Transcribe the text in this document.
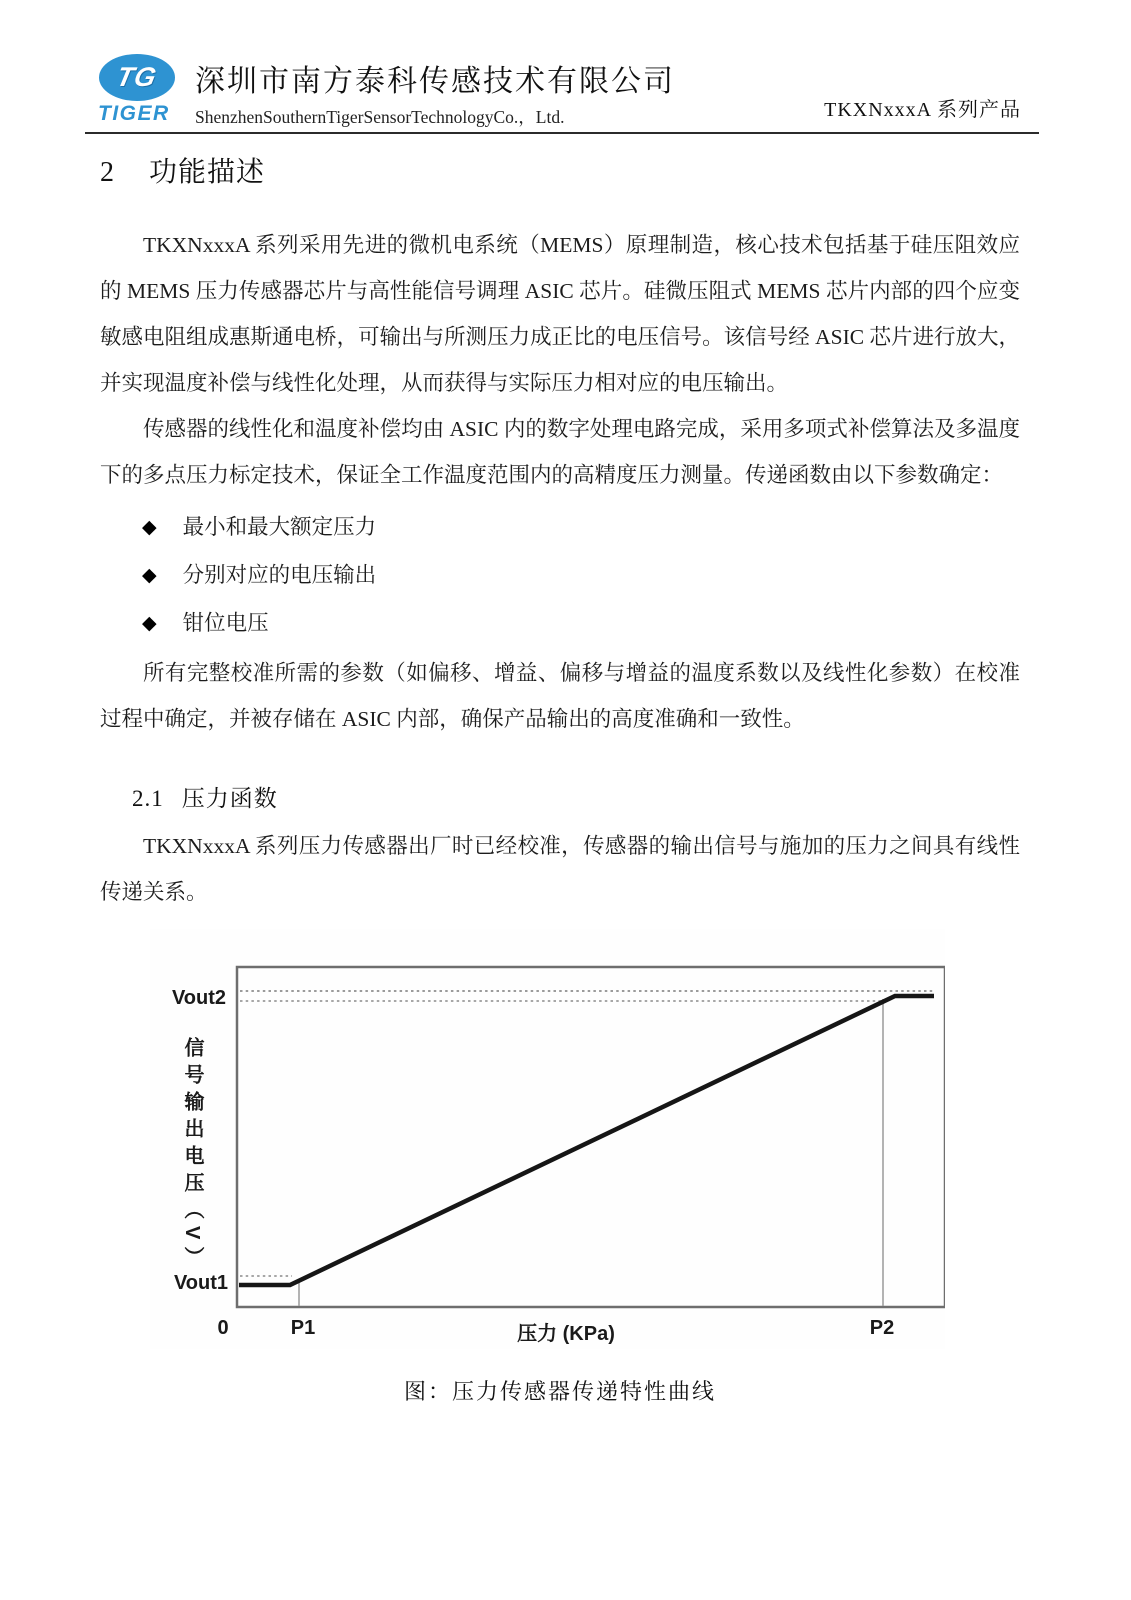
TG
TIGER
深圳市南方泰科传感技术有限公司
ShenzhenSouthernTigerSensorTechnologyCo.，Ltd.	TKXNxxxA 系列产品
2 功能描述

TKXNxxxA 系列采用先进的微机电系统（MEMS）原理制造，核心技术包括基于硅压阻效应的 MEMS 压力传感器芯片与高性能信号调理 ASIC 芯片。硅微压阻式 MEMS 芯片内部的四个应变敏感电阻组成惠斯通电桥，可输出与所测压力成正比的电压信号。该信号经 ASIC 芯片进行放大，并实现温度补偿与线性化处理，从而获得与实际压力相对应的电压输出。

传感器的线性化和温度补偿均由 ASIC 内的数字处理电路完成，采用多项式补偿算法及多温度下的多点压力标定技术，保证全工作温度范围内的高精度压力测量。传递函数由以下参数确定：

◆ 最小和最大额定压力
◆ 分别对应的电压输出
◆ 钳位电压

所有完整校准所需的参数（如偏移、增益、偏移与增益的温度系数以及线性化参数）在校准过程中确定，并被存储在 ASIC 内部，确保产品输出的高度准确和一致性。

2.1 压力函数

TKXNxxxA 系列压力传感器出厂时已经校准，传感器的输出信号与施加的压力之间具有线性传递关系。

Vout2
Vout1
信号输出电压（V）
0	P1	压力 (KPa)	P2
图：压力传感器传递特性曲线
